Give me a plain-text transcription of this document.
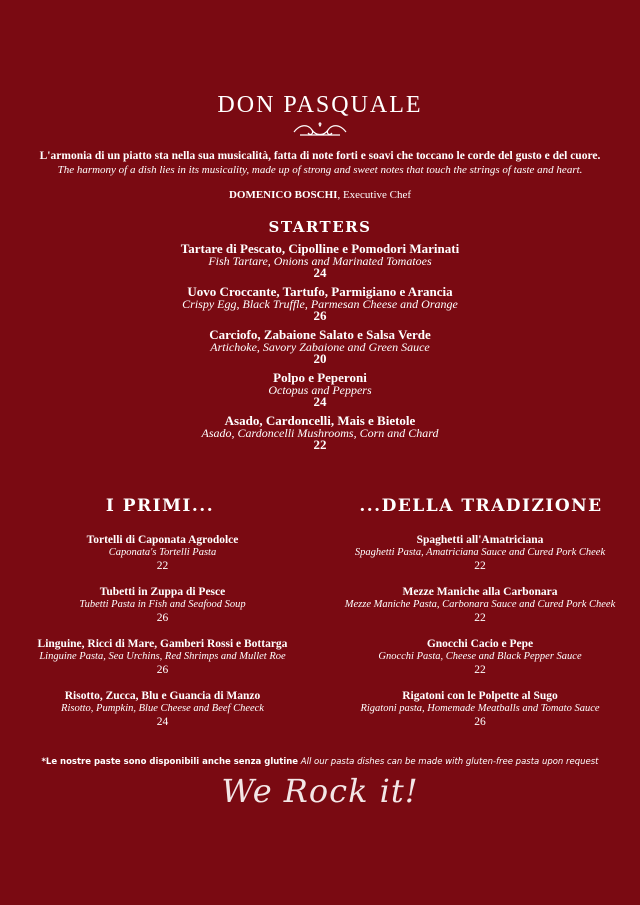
DON PASQUALE
L'armonia di un piatto sta nella sua musicalità, fatta di note forti e soavi che toccano le corde del gusto e del cuore.
The harmony of a dish lies in its musicality, made up of strong and sweet notes that touch the strings of taste and heart.
DOMENICO BOSCHI, Executive Chef
STARTERS
Tartare di Pescato, Cipolline e Pomodori Marinati
Fish Tartare, Onions and Marinated Tomatoes
24
Uovo Croccante, Tartufo, Parmigiano e Arancia
Crispy Egg, Black Truffle, Parmesan Cheese and Orange
26
Carciofo, Zabaione Salato e Salsa Verde
Artichoke, Savory Zabaione and Green Sauce
20
Polpo e Peperoni
Octopus and Peppers
24
Asado, Cardoncelli, Mais e Bietole
Asado, Cardoncelli Mushrooms, Corn and Chard
22
I PRIMI...	...DELLA TRADIZIONE
Tortelli di Caponata Agrodolce
Caponata's Tortelli Pasta
22
Tubetti in Zuppa di Pesce
Tubetti Pasta in Fish and Seafood Soup
26
Linguine, Ricci di Mare, Gamberi Rossi e Bottarga
Linguine Pasta, Sea Urchins, Red Shrimps and Mullet Roe
26
Risotto, Zucca, Blu e Guancia di Manzo
Risotto, Pumpkin, Blue Cheese and Beef Cheeck
24
Spaghetti all'Amatriciana
Spaghetti Pasta, Amatriciana Sauce and Cured Pork Cheek
22
Mezze Maniche alla Carbonara
Mezze Maniche Pasta, Carbonara Sauce and Cured Pork Cheek
22
Gnocchi Cacio e Pepe
Gnocchi Pasta, Cheese and Black Pepper Sauce
22
Rigatoni con le Polpette al Sugo
Rigatoni pasta, Homemade Meatballs and Tomato Sauce
26
*Le nostre paste sono disponibili anche senza glutine All our pasta dishes can be made with gluten-free pasta upon request
We Rock it!
